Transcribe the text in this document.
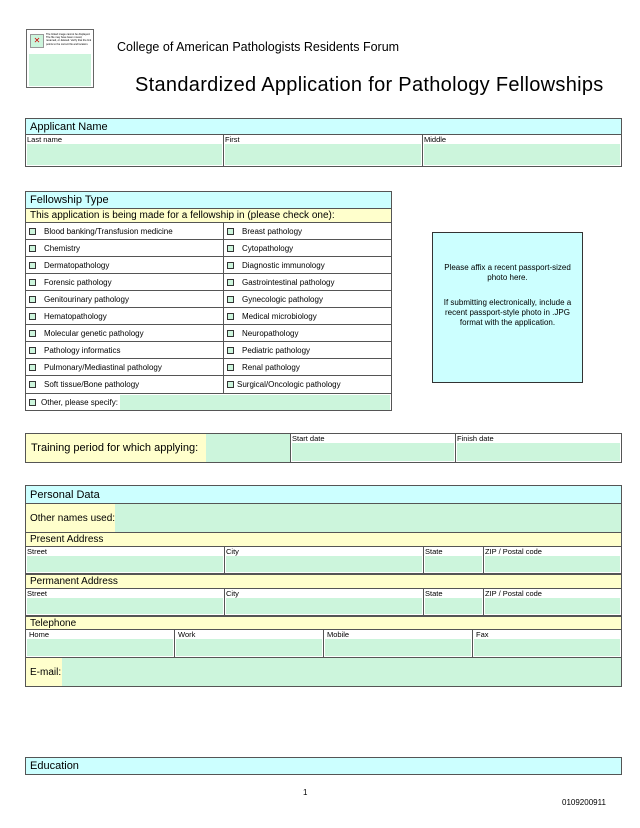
✕
The linked image cannot be displayed. The file may have been moved, renamed, or deleted. Verify that the link points to the correct file and location.	College of American Pathologists Residents Forum
Standardized Application for Pathology Fellowships
Applicant Name
Last name	First	Middle
Fellowship Type
This application is being made for a fellowship in (please check one):
Blood banking/Transfusion medicine	Breast pathology
Chemistry	Cytopathology
Dermatopathology	Diagnostic immunology
Forensic pathology	Gastrointestinal pathology
Genitourinary pathology	Gynecologic pathology
Hematopathology	Medical microbiology
Molecular genetic pathology	Neuropathology
Pathology informatics	Pediatric pathology
Pulmonary/Mediastinal pathology	Renal pathology
Soft tissue/Bone pathology	Surgical/Oncologic pathology
Other, please specify:
Please affix a recent passport-sized photo here.
If submitting electronically, include a recent passport-style photo in .JPG format with the application.
Training period for which applying:
Start date	Finish date
Personal Data
Other names used:
Present Address
Permanent Address
Telephone
E-mail:
Education
1
0109200911
Street	City	State	ZIP / Postal code
Street	City	State	ZIP / Postal code
Home	Work	Mobile	Fax
